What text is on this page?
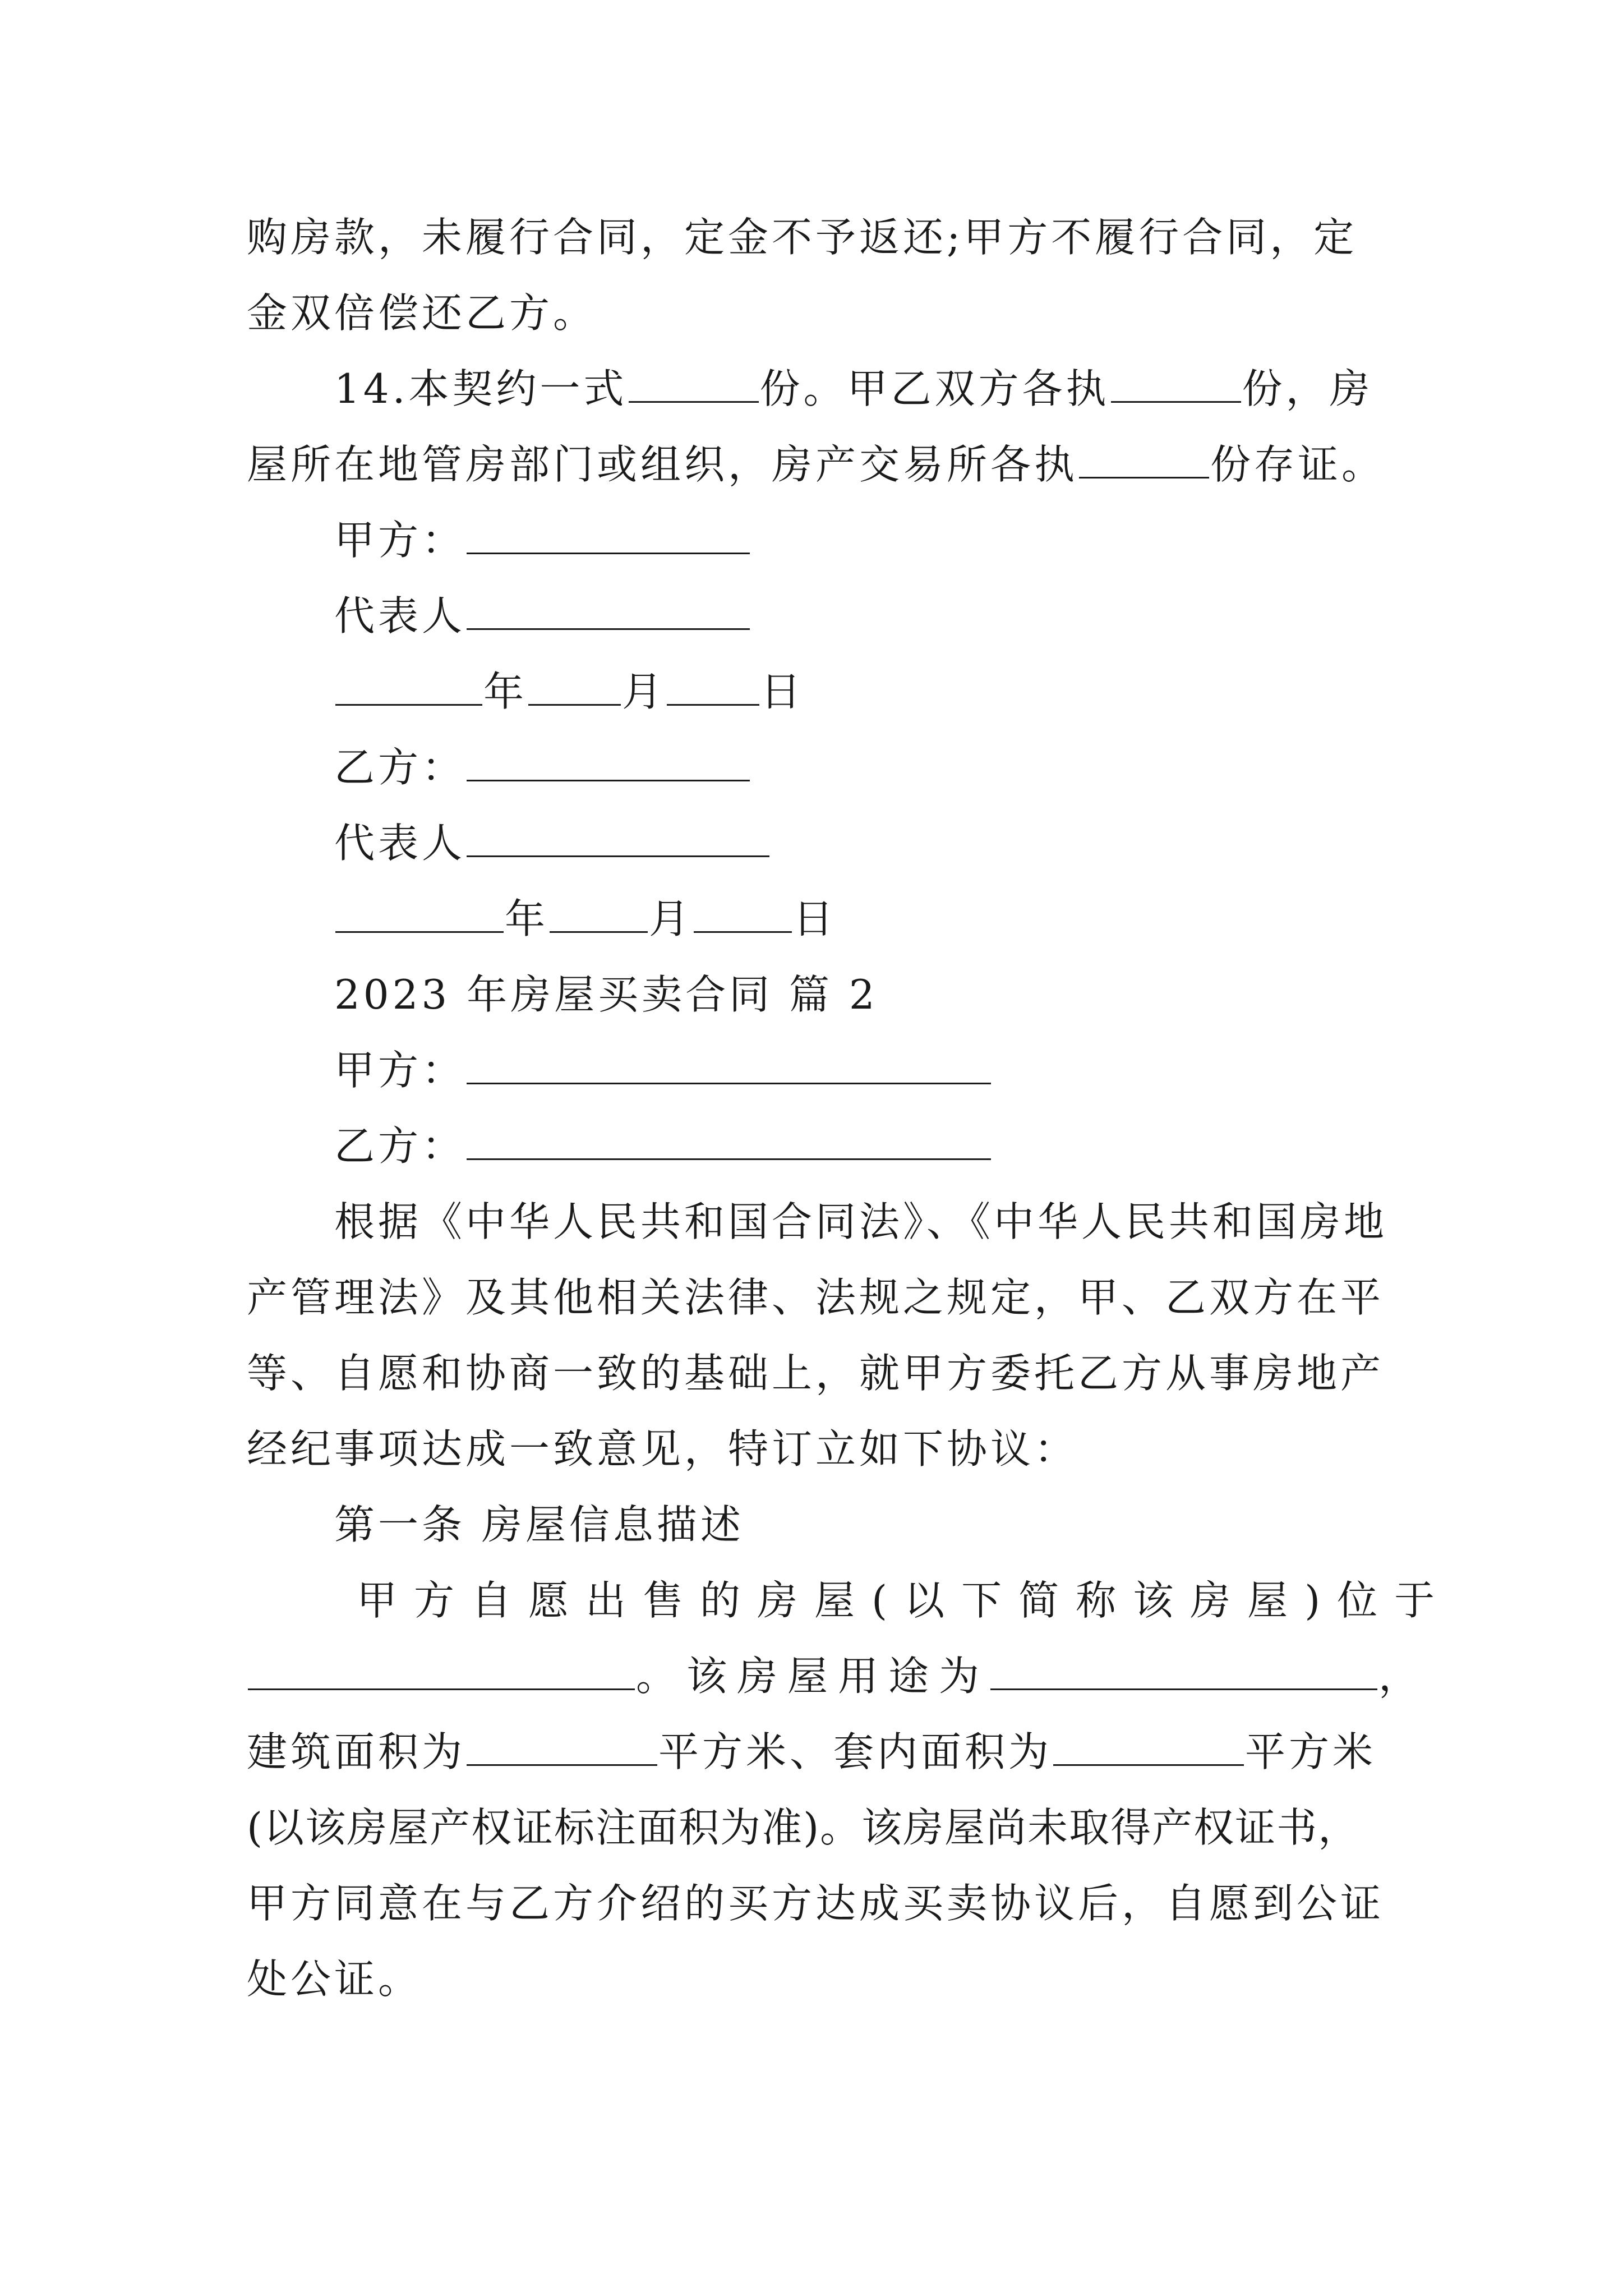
购房款，未履行合同，定金不予返还;甲方不履行合同，定
金双倍偿还乙方。
14.本契约一式	份。甲乙双方各执	份，房
屋所在地管房部门或组织，房产交易所各执	份存证。
甲方：
代表人
年 月 日
乙方：
代表人
年 月 日
2023 年房屋买卖合同 篇 2
甲方：
乙方：
根据《中华人民共和国合同法》、《中华人民共和国房地
产管理法》及其他相关法律、法规之规定，甲、乙双方在平
等、自愿和协商一致的基础上，就甲方委托乙方从事房地产
经纪事项达成一致意见，特订立如下协议：
第一条 房屋信息描述
甲方自愿出售的房屋(以下简称该房屋)位于
。该房屋用途为	，
建筑面积为	平方米、套内面积为	平方米
(以该房屋产权证标注面积为准)。该房屋尚未取得产权证书，
甲方同意在与乙方介绍的买方达成买卖协议后，自愿到公证
处公证。
